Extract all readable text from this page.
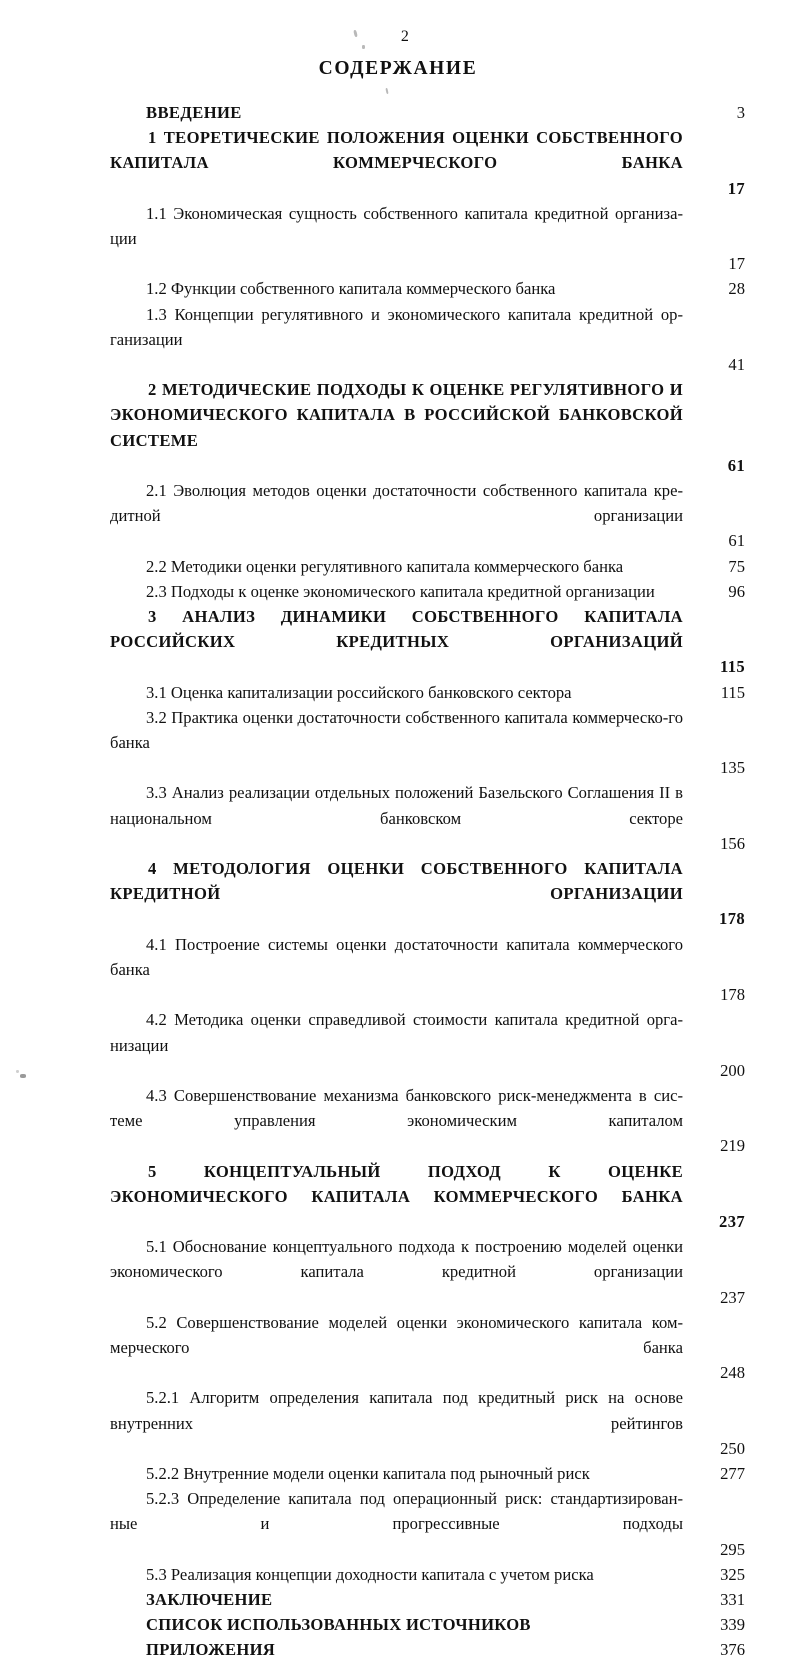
2
СОДЕРЖАНИЕ
ВВЕДЕНИЕ	3
1 ТЕОРЕТИЧЕСКИЕ ПОЛОЖЕНИЯ ОЦЕНКИ СОБСТВЕННОГО КАПИТАЛА КОММЕРЧЕСКОГО БАНКА
17
1.1 Экономическая сущность собственного капитала кредитной организа-ции
17
1.2 Функции собственного капитала коммерческого банка	28
1.3 Концепции регулятивного и экономического капитала кредитной ор-ганизации
41
2 МЕТОДИЧЕСКИЕ ПОДХОДЫ К ОЦЕНКЕ РЕГУЛЯТИВНОГО И ЭКОНОМИЧЕСКОГО КАПИТАЛА В РОССИЙСКОЙ БАНКОВСКОЙ СИСТЕМЕ
61
2.1 Эволюция методов оценки достаточности собственного капитала кре-дитной организации
61
2.2 Методики оценки регулятивного капитала коммерческого банка	75
2.3 Подходы к оценке экономического капитала кредитной организации	96
3 АНАЛИЗ ДИНАМИКИ СОБСТВЕННОГО КАПИТАЛА РОССИЙСКИХ КРЕДИТНЫХ ОРГАНИЗАЦИЙ
115
3.1 Оценка капитализации российского банковского сектора	115
3.2 Практика оценки достаточности собственного капитала коммерческо-го банка
135
3.3 Анализ реализации отдельных положений Базельского Соглашения II в национальном банковском секторе
156
4 МЕТОДОЛОГИЯ ОЦЕНКИ СОБСТВЕННОГО КАПИТАЛА КРЕДИТНОЙ ОРГАНИЗАЦИИ
178
4.1 Построение системы оценки достаточности капитала коммерческого банка
178
4.2 Методика оценки справедливой стоимости капитала кредитной орга-низации
200
4.3 Совершенствование механизма банковского риск-менеджмента в сис-теме управления экономическим капиталом
219
5 КОНЦЕПТУАЛЬНЫЙ ПОДХОД К ОЦЕНКЕ ЭКОНОМИЧЕСКОГО КАПИТАЛА КОММЕРЧЕСКОГО БАНКА
237
5.1 Обоснование концептуального подхода к построению моделей оценки экономического капитала кредитной организации
237
5.2 Совершенствование моделей оценки экономического капитала ком-мерческого банка
248
5.2.1 Алгоритм определения капитала под кредитный риск на основе внутренних рейтингов
250
5.2.2 Внутренние модели оценки капитала под рыночный риск	277
5.2.3 Определение капитала под операционный риск: стандартизирован-ные и прогрессивные подходы
295
5.3 Реализация концепции доходности капитала с учетом риска	325
ЗАКЛЮЧЕНИЕ	331
СПИСОК ИСПОЛЬЗОВАННЫХ ИСТОЧНИКОВ	339
ПРИЛОЖЕНИЯ	376
